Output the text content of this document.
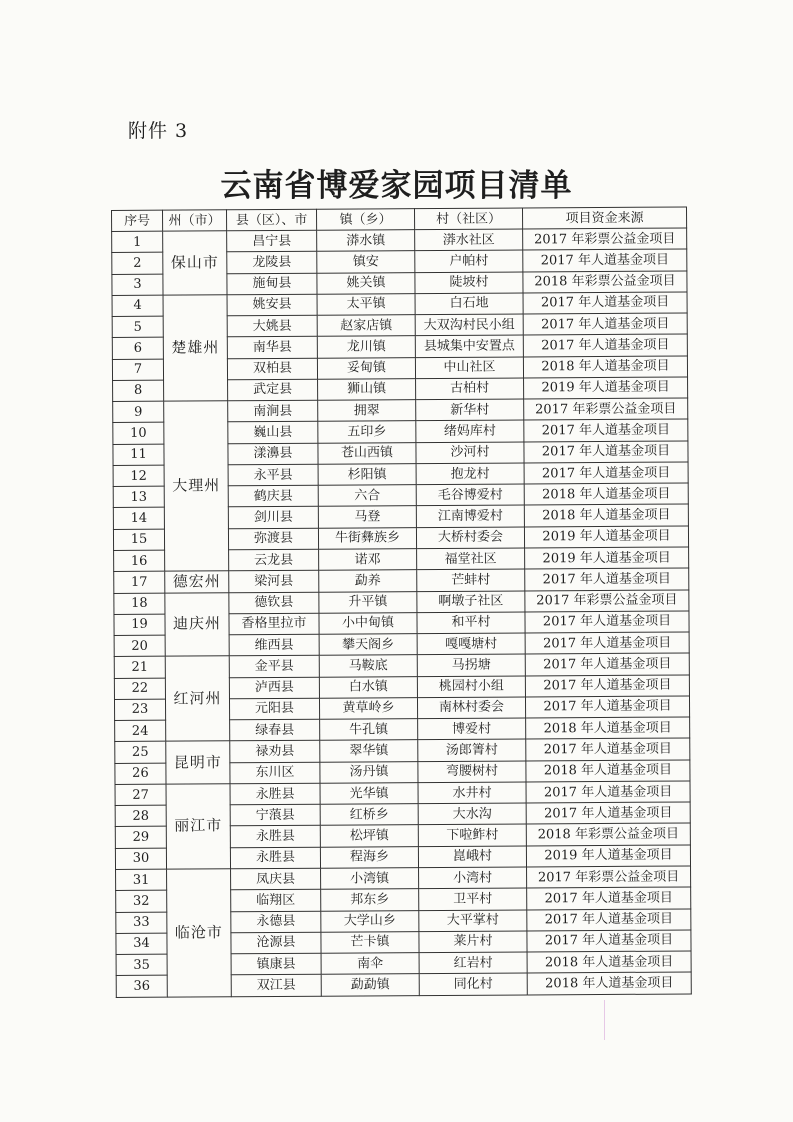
附件 3
云南省博爱家园项目清单
序号	州（市）	县（区）、市	镇（乡）	村（社区）	项目资金来源
1	保山市	昌宁县	漭水镇	漭水社区	2017 年彩票公益金项目
2		龙陵县	镇安	户帕村	2017 年人道基金项目
3		施甸县	姚关镇	陡坡村	2018 年彩票公益金项目
4	楚雄州	姚安县	太平镇	白石地	2017 年人道基金项目
5		大姚县	赵家店镇	大双沟村民小组	2017 年人道基金项目
6		南华县	龙川镇	县城集中安置点	2017 年人道基金项目
7		双柏县	妥甸镇	中山社区	2018 年人道基金项目
8		武定县	狮山镇	古柏村	2019 年人道基金项目
9	大理州	南涧县	拥翠	新华村	2017 年彩票公益金项目
10		巍山县	五印乡	绪妈库村	2017 年人道基金项目
11		漾濞县	苍山西镇	沙河村	2017 年人道基金项目
12		永平县	杉阳镇	抱龙村	2017 年人道基金项目
13		鹤庆县	六合	毛谷博爱村	2018 年人道基金项目
14		剑川县	马登	江南博爱村	2018 年人道基金项目
15		弥渡县	牛街彝族乡	大桥村委会	2019 年人道基金项目
16		云龙县	诺邓	福堂社区	2019 年人道基金项目
17	德宏州	梁河县	勐养	芒蚌村	2017 年人道基金项目
18	迪庆州	德钦县	升平镇	啊墩子社区	2017 年彩票公益金项目
19		香格里拉市	小中甸镇	和平村	2017 年人道基金项目
20		维西县	攀天阁乡	嘎嘎塘村	2017 年人道基金项目
21	红河州	金平县	马鞍底	马拐塘	2017 年人道基金项目
22		泸西县	白水镇	桃园村小组	2017 年人道基金项目
23		元阳县	黄草岭乡	南林村委会	2017 年人道基金项目
24		绿春县	牛孔镇	博爱村	2018 年人道基金项目
25	昆明市	禄劝县	翠华镇	汤郎箐村	2017 年人道基金项目
26		东川区	汤丹镇	弯腰树村	2018 年人道基金项目
27	丽江市	永胜县	光华镇	水井村	2017 年人道基金项目
28		宁蒗县	红桥乡	大水沟	2017 年人道基金项目
29		永胜县	松坪镇	下啦鲊村	2018 年彩票公益金项目
30		永胜县	程海乡	崑峨村	2019 年人道基金项目
31	临沧市	凤庆县	小湾镇	小湾村	2017 年彩票公益金项目
32		临翔区	邦东乡	卫平村	2017 年人道基金项目
33		永德县	大学山乡	大平掌村	2017 年人道基金项目
34		沧源县	芒卡镇	莱片村	2017 年人道基金项目
35		镇康县	南伞	红岩村	2018 年人道基金项目
36		双江县	勐勐镇	同化村	2018 年人道基金项目
